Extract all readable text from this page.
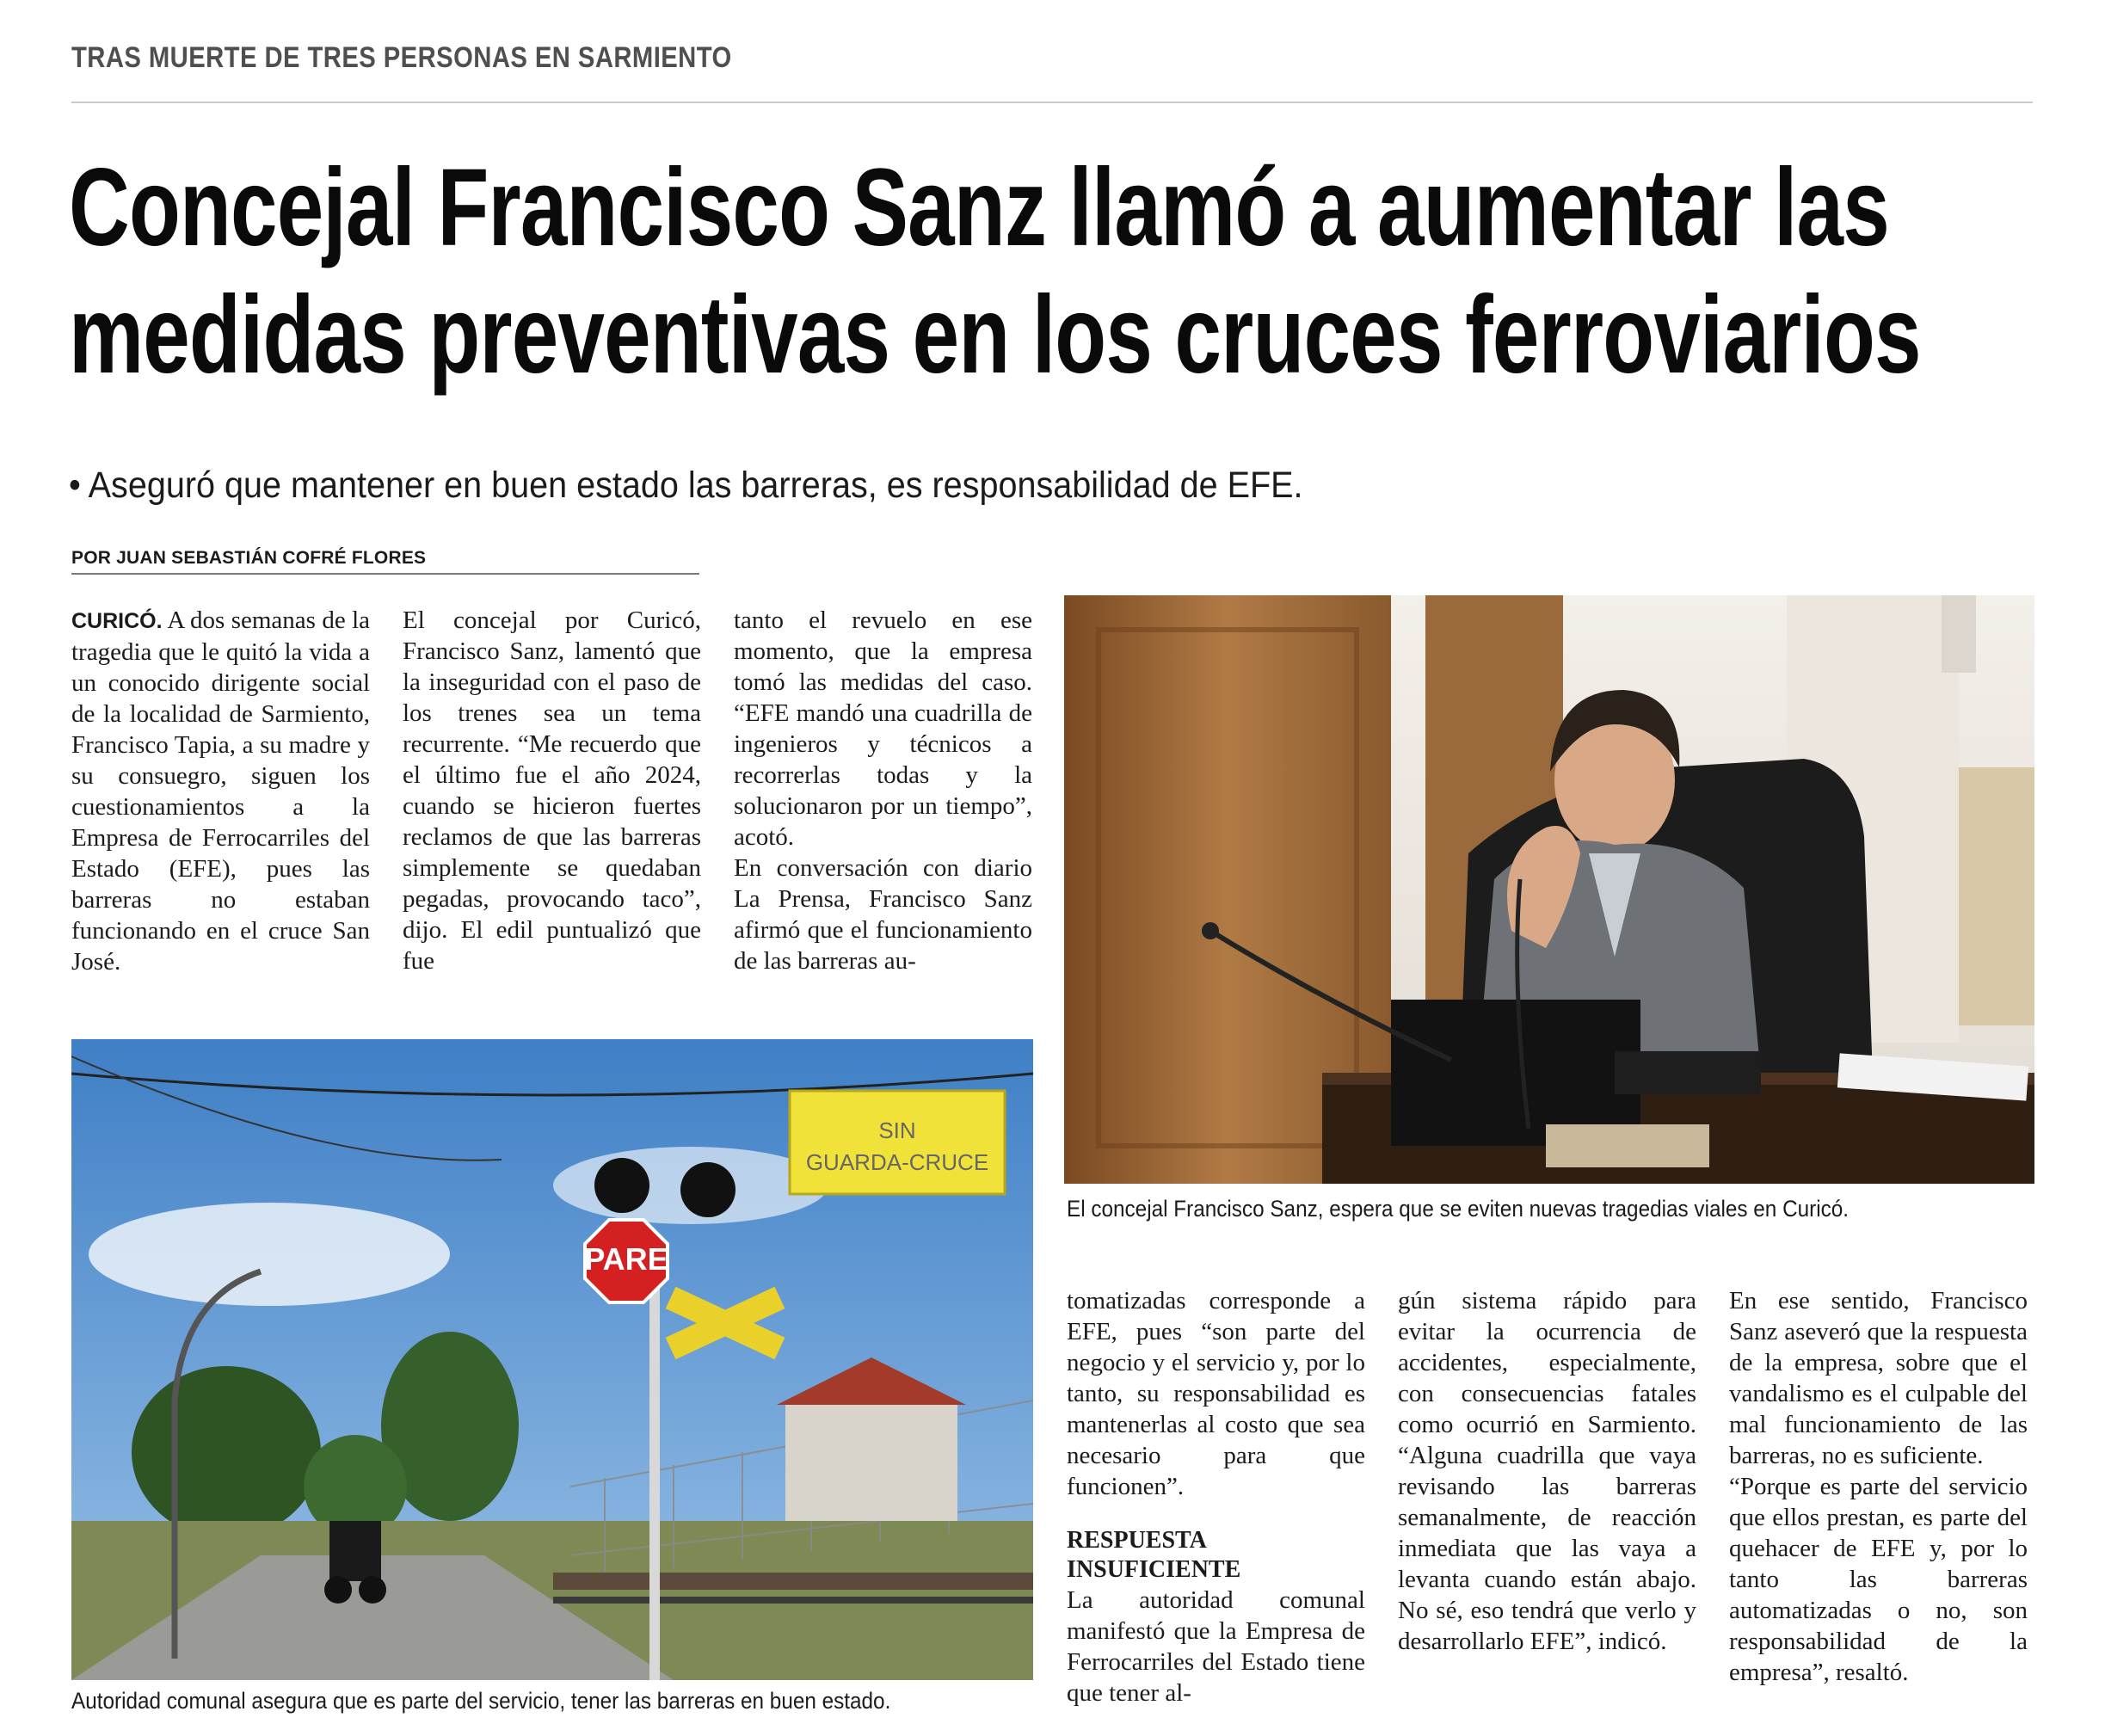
TRAS MUERTE DE TRES PERSONAS EN SARMIENTO
Concejal Francisco Sanz llamó a aumentar las
medidas preventivas en los cruces ferroviarios
• Aseguró que mantener en buen estado las barreras, es responsabilidad de EFE.
POR JUAN SEBASTIÁN COFRÉ FLORES

CURICÓ. A dos semanas de la tragedia que le quitó la vida a un conocido dirigente social de la localidad de Sarmiento, Francisco Tapia, a su madre y su consuegro, siguen los cuestionamientos a la Empresa de Ferrocarriles del Estado (EFE), pues las barreras no estaban funcionando en el cruce San José.

El concejal por Curicó, Francisco Sanz, lamentó que la inseguridad con el paso de los trenes sea un tema recurrente. “Me recuerdo que el último fue el año 2024, cuando se hicieron fuertes reclamos de que las barreras simplemente se quedaban pegadas, provocando taco”, dijo. El edil puntualizó que fue

tanto el revuelo en ese momento, que la empresa tomó las medidas del caso. “EFE mandó una cuadrilla de ingenieros y técnicos a recorrerlas todas y la solucionaron por un tiempo”, acotó.

En conversación con diario La Prensa, Francisco Sanz afirmó que el funcionamiento de las barreras au-

El concejal Francisco Sanz, espera que se eviten nuevas tragedias viales en Curicó.
PARE
SIN
GUARDA-CRUCE
Autoridad comunal asegura que es parte del servicio, tener las barreras en buen estado.

tomatizadas corresponde a EFE, pues “son parte del negocio y el servicio y, por lo tanto, su responsabilidad es mantenerlas al costo que sea necesario para que funcionen”.

RESPUESTA INSUFICIENTE

La autoridad comunal manifestó que la Empresa de Ferrocarriles del Estado tiene que tener al-

gún sistema rápido para evitar la ocurrencia de accidentes, especialmente, con consecuencias fatales como ocurrió en Sarmiento. “Alguna cuadrilla que vaya revisando las barreras semanalmente, de reacción inmediata que las vaya a levanta cuando están abajo. No sé, eso tendrá que verlo y desarrollarlo EFE”, indicó.

En ese sentido, Francisco Sanz aseveró que la respuesta de la empresa, sobre que el vandalismo es el culpable del mal funcionamiento de las barreras, no es suficiente.

“Porque es parte del servicio que ellos prestan, es parte del quehacer de EFE y, por lo tanto las barreras automatizadas o no, son responsabilidad de la empresa”, resaltó.
